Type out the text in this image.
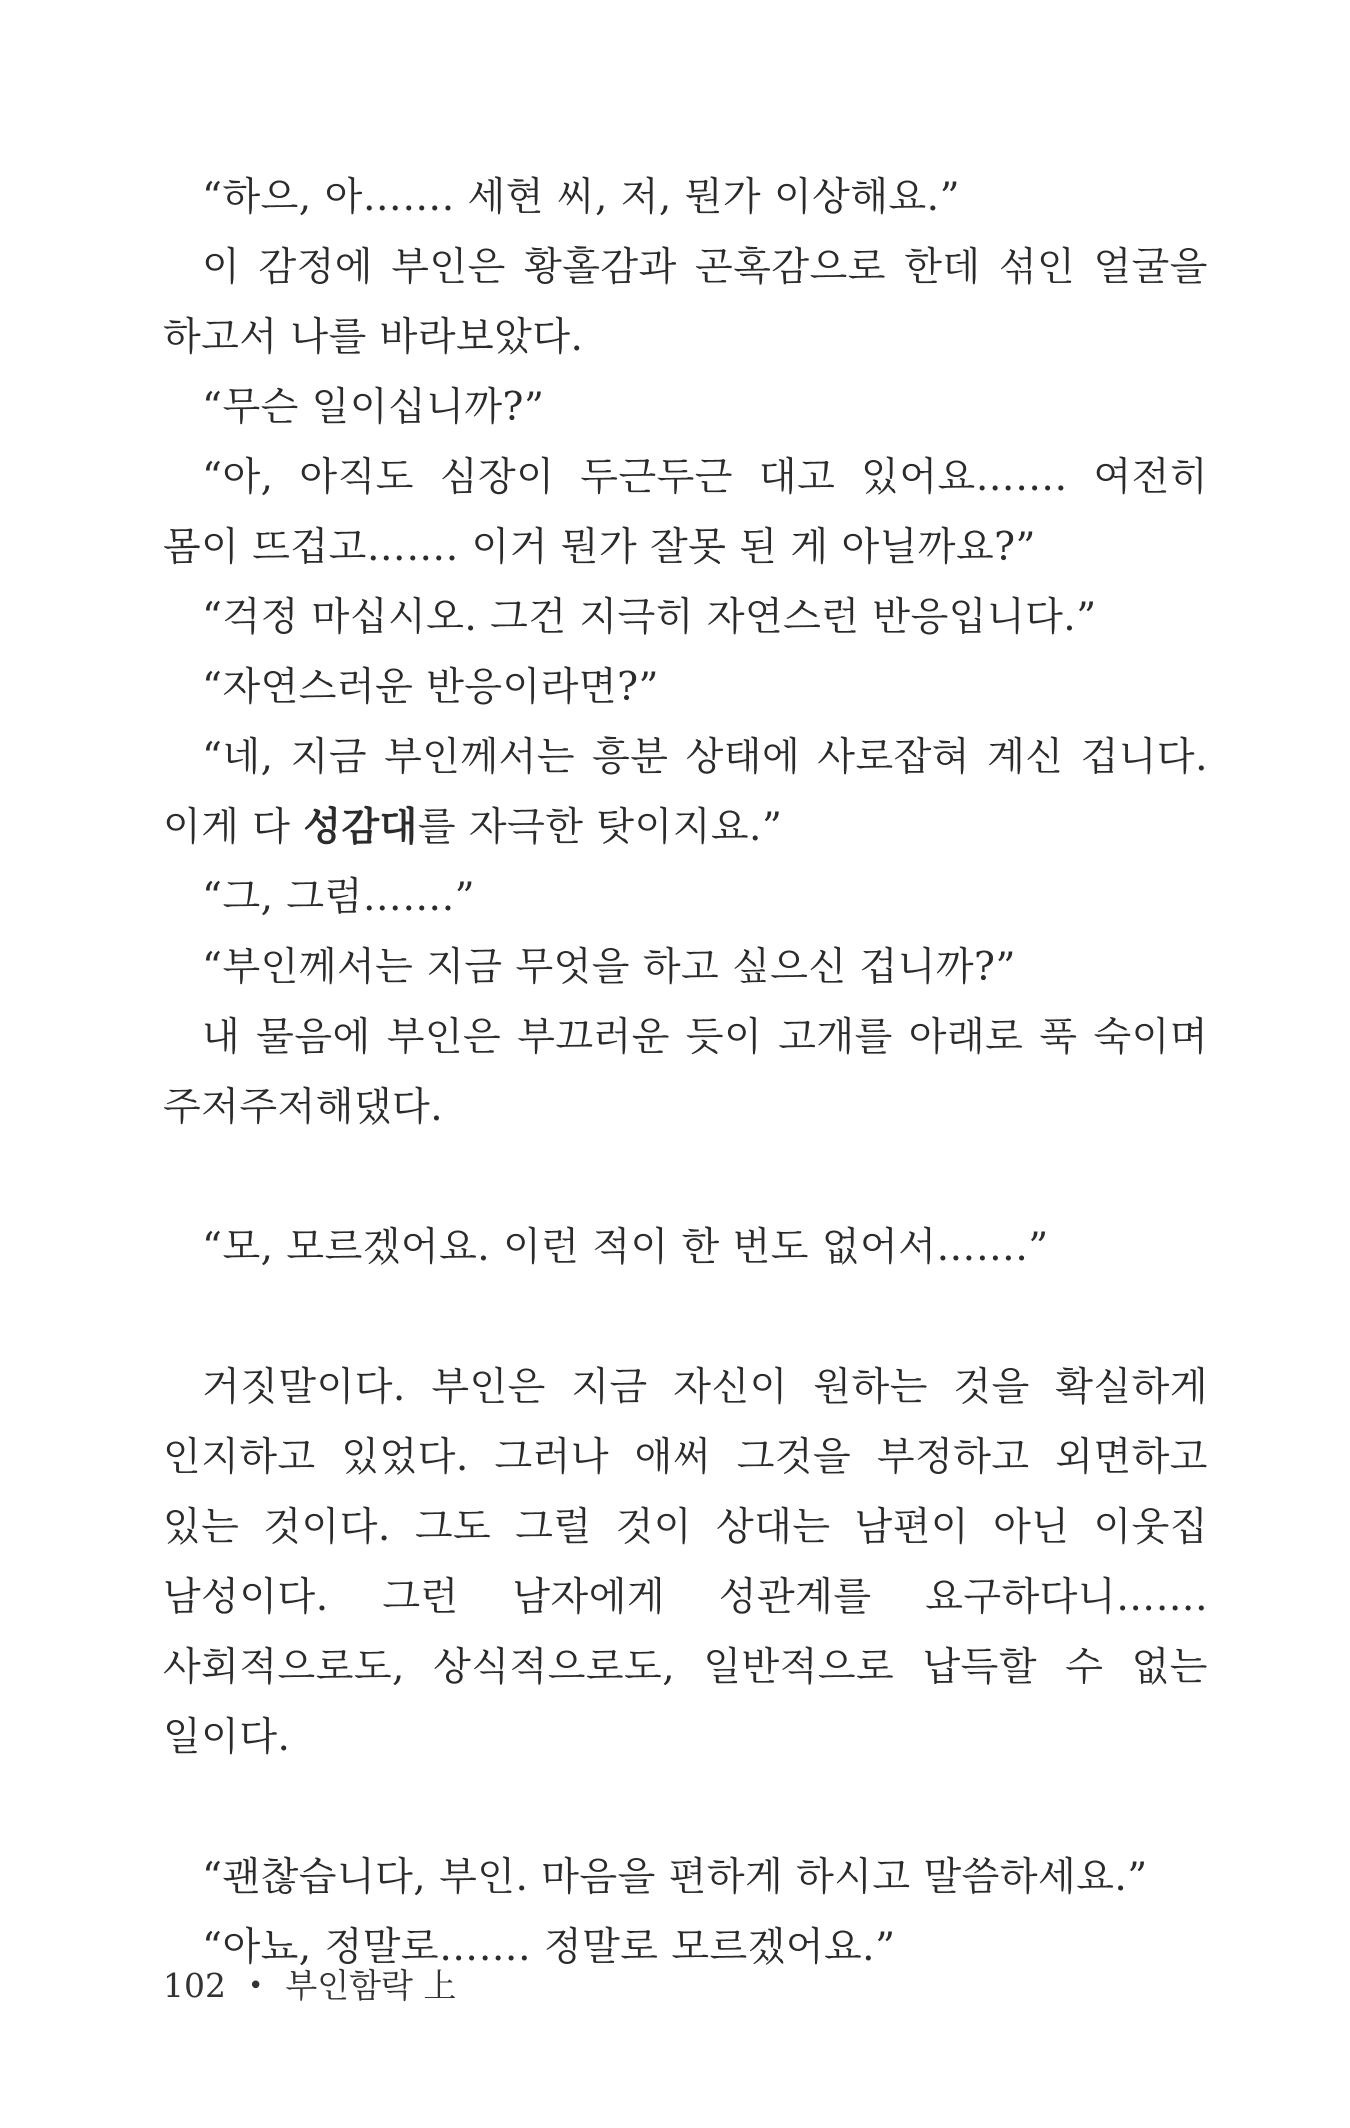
“하으, 아……. 세현 씨, 저, 뭔가 이상해요.”

이 감정에 부인은 황홀감과 곤혹감으로 한데 섞인 얼굴을 하고서 나를 바라보았다.

“무슨 일이십니까?”

“아, 아직도 심장이 두근두근 대고 있어요……. 여전히 몸이 뜨겁고……. 이거 뭔가 잘못 된 게 아닐까요?”

“걱정 마십시오. 그건 지극히 자연스런 반응입니다.”

“자연스러운 반응이라면?”

“네, 지금 부인께서는 흥분 상태에 사로잡혀 계신 겁니다. 이게 다 성감대를 자극한 탓이지요.”

“그, 그럼…….”

“부인께서는 지금 무엇을 하고 싶으신 겁니까?”

내 물음에 부인은 부끄러운 듯이 고개를 아래로 푹 숙이며 주저주저해댔다.

“모, 모르겠어요. 이런 적이 한 번도 없어서…….”

거짓말이다. 부인은 지금 자신이 원하는 것을 확실하게 인지하고 있었다. 그러나 애써 그것을 부정하고 외면하고 있는 것이다. 그도 그럴 것이 상대는 남편이 아닌 이웃집 남성이다. 그런 남자에게 성관계를 요구하다니……. 사회적으로도, 상식적으로도, 일반적으로 납득할 수 없는 일이다.

“괜찮습니다, 부인. 마음을 편하게 하시고 말씀하세요.”

“아뇨, 정말로……. 정말로 모르겠어요.”

102 • 부인함락 上
